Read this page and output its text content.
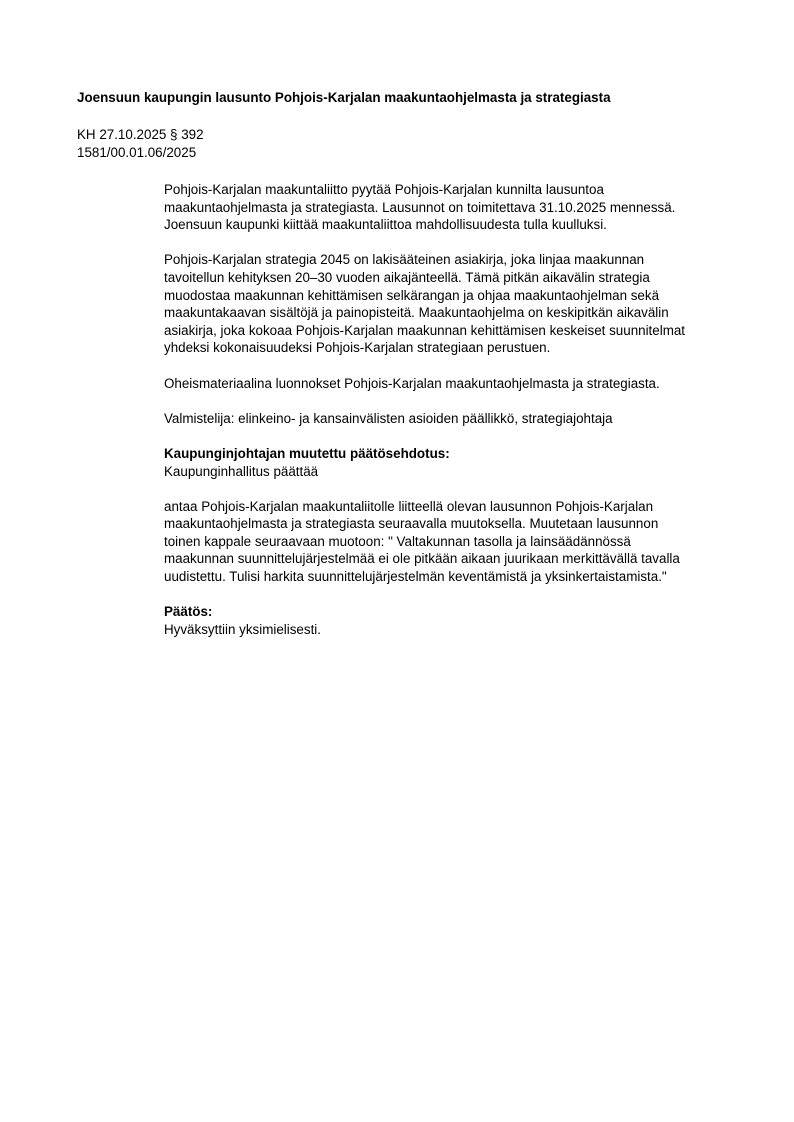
Joensuun kaupungin lausunto Pohjois-Karjalan maakuntaohjelmasta ja strategiasta
KH 27.10.2025 § 392
1581/00.01.06/2025

Pohjois-Karjalan maakuntaliitto pyytää Pohjois-Karjalan kunnilta lausuntoa
maakuntaohjelmasta ja strategiasta. Lausunnot on toimitettava 31.10.2025 mennessä.
Joensuun kaupunki kiittää maakuntaliittoa mahdollisuudesta tulla kuulluksi.

Pohjois-Karjalan strategia 2045 on lakisääteinen asiakirja, joka linjaa maakunnan
tavoitellun kehityksen 20–30 vuoden aikajänteellä. Tämä pitkän aikavälin strategia
muodostaa maakunnan kehittämisen selkärangan ja ohjaa maakuntaohjelman sekä
maakuntakaavan sisältöjä ja painopisteitä. Maakuntaohjelma on keskipitkän aikavälin
asiakirja, joka kokoaa Pohjois-Karjalan maakunnan kehittämisen keskeiset suunnitelmat
yhdeksi kokonaisuudeksi Pohjois-Karjalan strategiaan perustuen.

Oheismateriaalina luonnokset Pohjois-Karjalan maakuntaohjelmasta ja strategiasta.

Valmistelija: elinkeino- ja kansainvälisten asioiden päällikkö, strategiajohtaja

Kaupunginjohtajan muutettu päätösehdotus:

Kaupunginhallitus päättää

antaa Pohjois-Karjalan maakuntaliitolle liitteellä olevan lausunnon Pohjois-Karjalan
maakuntaohjelmasta ja strategiasta seuraavalla muutoksella. Muutetaan lausunnon
toinen kappale seuraavaan muotoon: " Valtakunnan tasolla ja lainsäädännössä
maakunnan suunnittelujärjestelmää ei ole pitkään aikaan juurikaan merkittävällä tavalla
uudistettu. Tulisi harkita suunnittelujärjestelmän keventämistä ja yksinkertaistamista."

Päätös:

Hyväksyttiin yksimielisesti.
